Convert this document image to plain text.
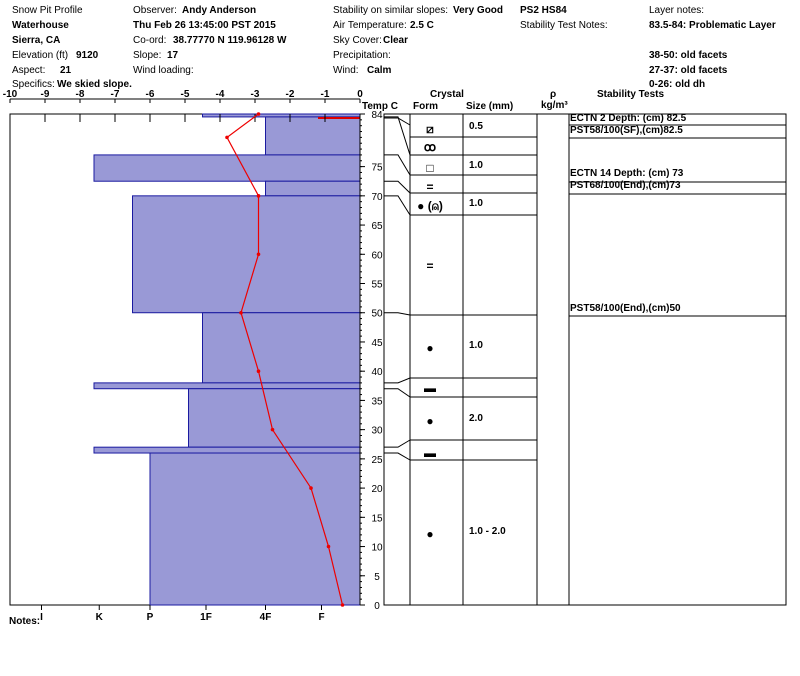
Snow Pit Profile
Waterhouse
Sierra, CA
Elevation (ft) 9120
Aspect: 21
Specifics: We skied slope.
Observer: Andy Anderson
Thu Feb 26 13:45:00 PST 2015
Co-ord: 38.77770 N 119.96128 W
Slope: 17
Wind loading:
Stability on similar slopes: Very Good
Air Temperature: 2.5 C
Sky Cover: Clear
Precipitation:
Wind: Calm
PS2 HS84
Stability Test Notes:
Layer notes:
83.5-84: Problematic Layer
38-50: old facets
27-37: old facets
0-26: old dh
Temp C
Crystal
Form	Size (mm)
ρ
kg/m³
Stability Tests
-10 -9	-8	-7	-6	-5	-4	-3	-2	-1	0
I	K	P	1F	4F	F
84
75
70
65
60
55
50
45
40
35
30
25
20
15
10
5
0
⧄	0.5
ꝏ
□	1.0
=
● (⍝)	1.0
=
●	1.0
▬
●	2.0
▬
●	1.0 - 2.0
ECTN 2 Depth: (cm) 82.5
PST58/100(SF),(cm)82.5
ECTN 14 Depth: (cm) 73
PST68/100(End),(cm)73
PST58/100(End),(cm)50
Notes:
